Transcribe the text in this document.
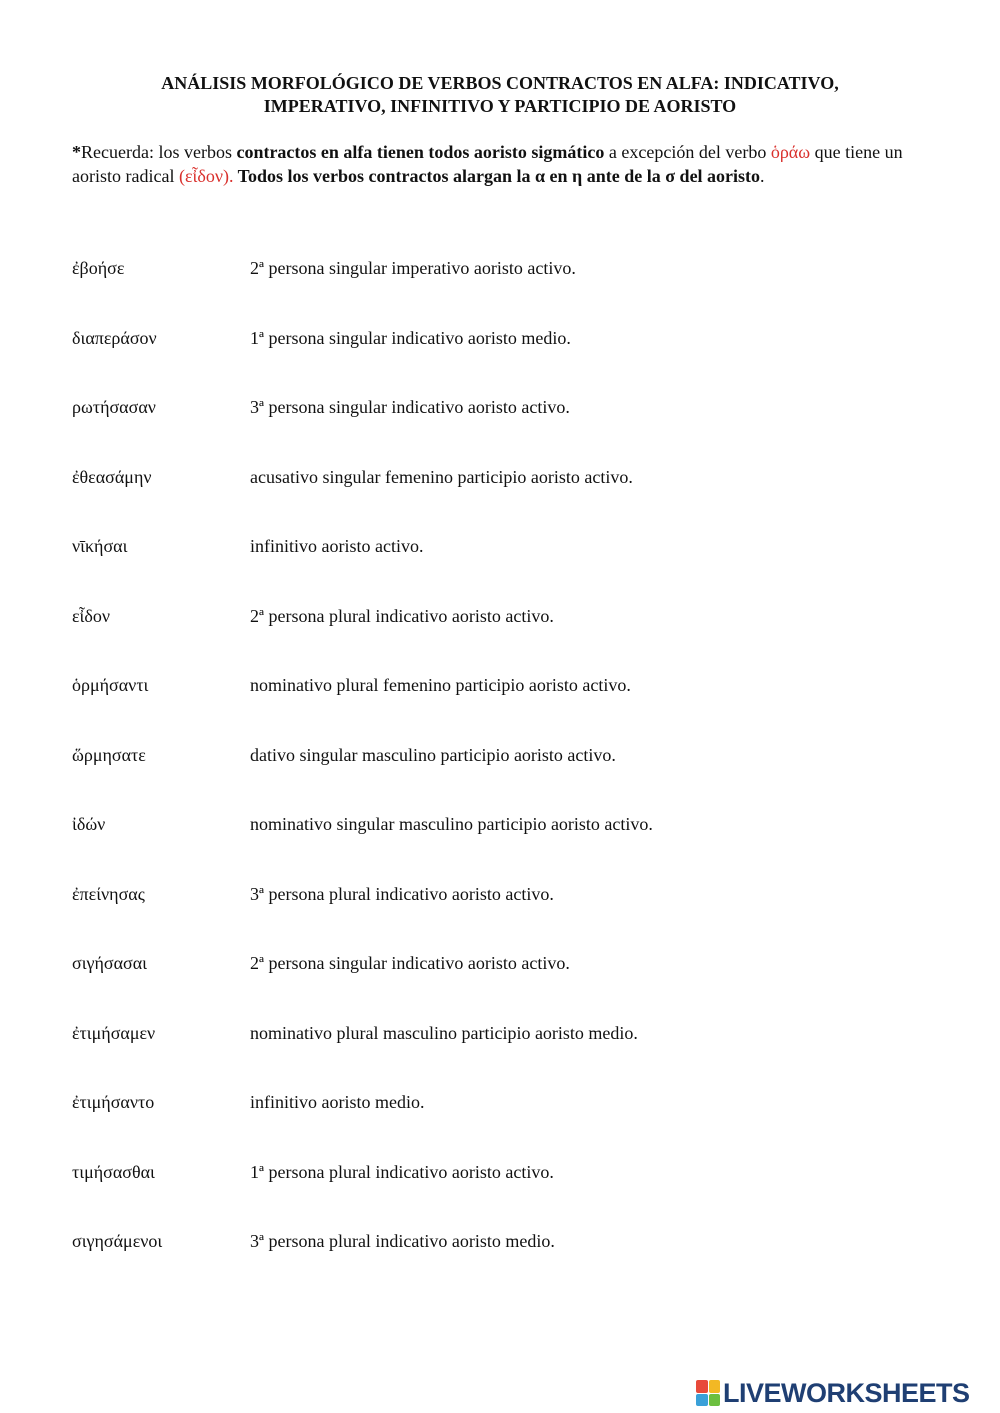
ANÁLISIS MORFOLÓGICO DE VERBOS CONTRACTOS EN ALFA: INDICATIVO,
IMPERATIVO, INFINITIVO Y PARTICIPIO DE AORISTO
*Recuerda: los verbos contractos en alfa tienen todos aoristo sigmático a excepción del verbo ὁράω que tiene un aoristo radical (εἶδον). Todos los verbos contractos alargan la α en η ante de la σ del aoristo.
ἐβοήσε	2ª persona singular imperativo aoristo activo.
διαπεράσον	1ª persona singular indicativo aoristo medio.
ρωτήσασαν	3ª persona singular indicativo aoristo activo.
ἐθεασάμην	acusativo singular femenino participio aoristo activo.
νῑκήσαι	infinitivo aoristo activo.
εἶδον	2ª persona plural indicativo aoristo activo.
ὁρμήσαντι	nominativo plural femenino participio aoristo activo.
ὥρμησατε	dativo singular masculino participio aoristo activo.
ἰδών	nominativo singular masculino participio aoristo activo.
ἐπείνησας	3ª persona plural indicativo aoristo activo.
σιγήσασαι	2ª persona singular indicativo aoristo activo.
ἐτιμήσαμεν	nominativo plural masculino participio aoristo medio.
ἐτιμήσαντο	infinitivo aoristo medio.
τιμήσασθαι	1ª persona plural indicativo aoristo activo.
σιγησάμενοι	3ª persona plural indicativo aoristo medio.
LIVEWORKSHEETS
